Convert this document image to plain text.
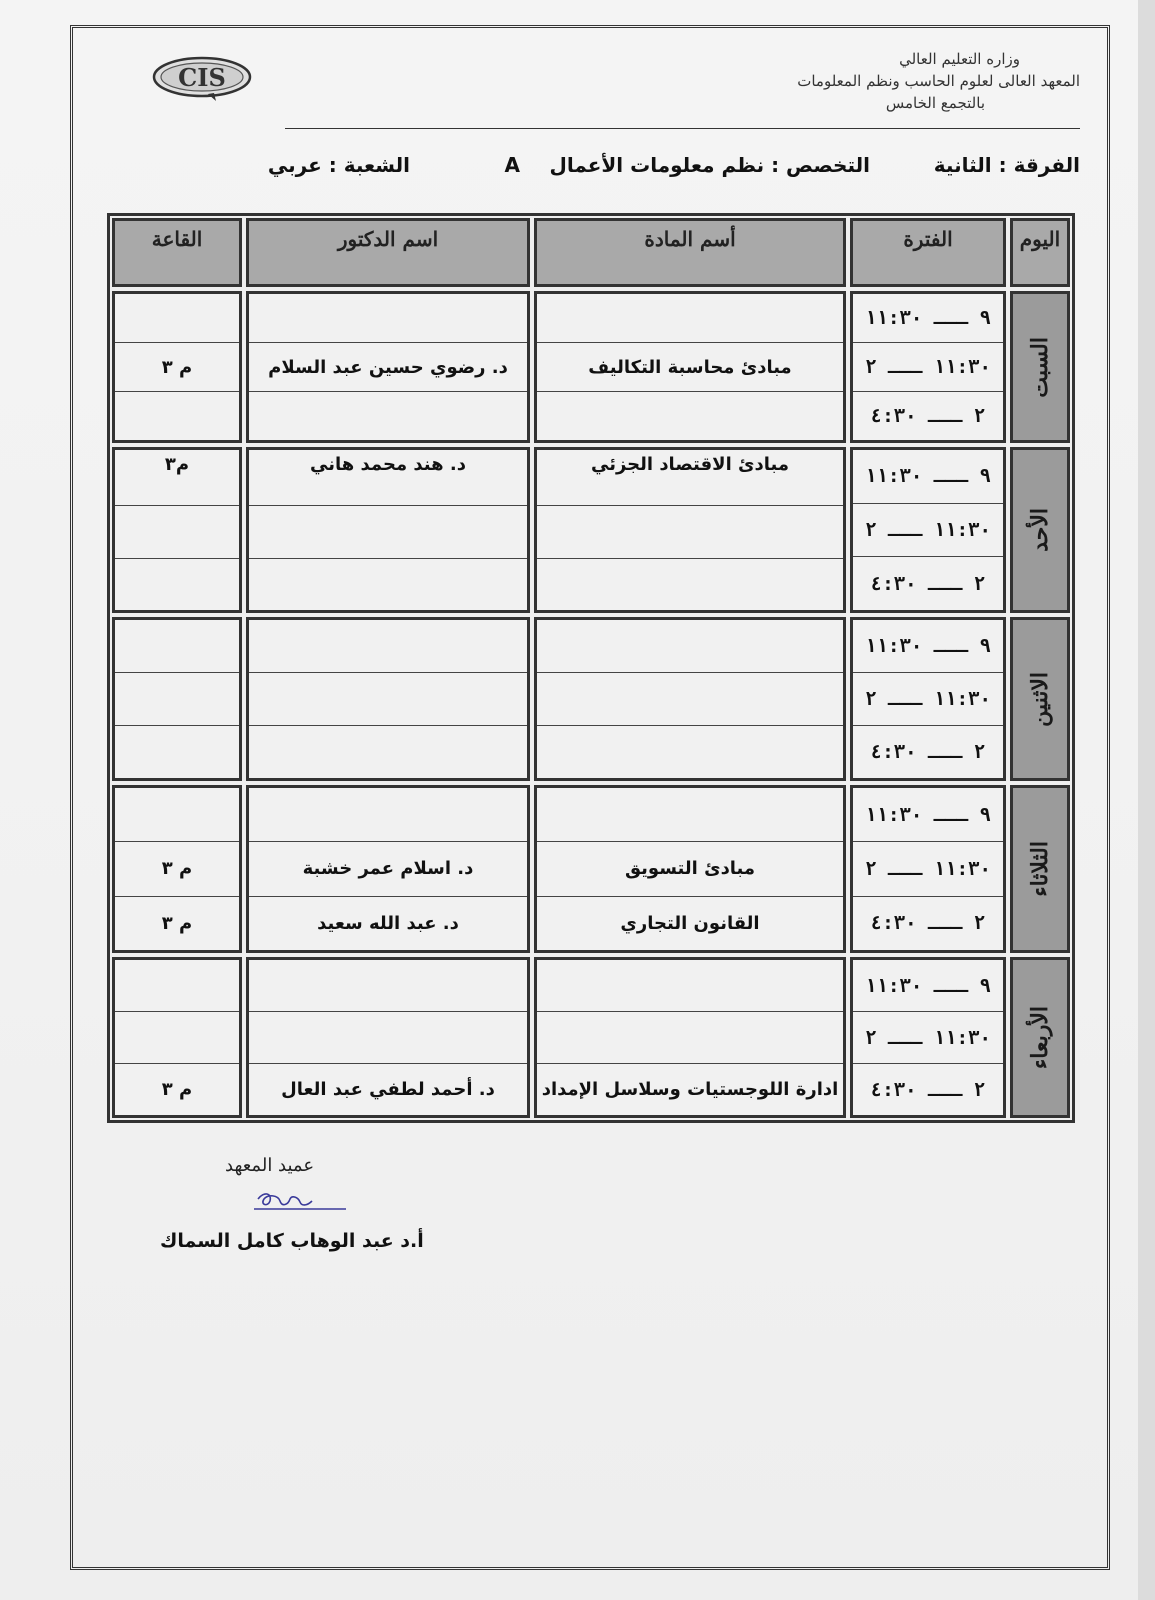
CIS
وزاره التعليم العالي
المعهد العالى لعلوم الحاسب ونظم المعلومات
بالتجمع الخامس
الفرقة : الثانية
التخصص : نظم معلومات الأعمال
A
الشعبة : عربي
اليوم
الفترة
أسم المادة
اسم الدكتور
القاعة
السبت
٩ ـــ ١١:٣٠
١١:٣٠ ـــ ٢
٢ ـــ ٤:٣٠
مبادئ محاسبة التكاليف
د. رضوي حسين عبد السلام
م ٣
الأحد
٩ ـــ ١١:٣٠
١١:٣٠ ـــ ٢
٢ ـــ ٤:٣٠
مبادئ الاقتصاد الجزئي
د. هند محمد هاني
م٣
الاثنين
٩ ـــ ١١:٣٠
١١:٣٠ ـــ ٢
٢ ـــ ٤:٣٠
الثلاثاء
٩ ـــ ١١:٣٠
١١:٣٠ ـــ ٢
٢ ـــ ٤:٣٠
مبادئ التسويق
القانون التجاري
د. اسلام عمر خشبة
د. عبد الله سعيد
م ٣
م ٣
الأربعاء
٩ ـــ ١١:٣٠
١١:٣٠ ـــ ٢
٢ ـــ ٤:٣٠
ادارة اللوجستيات وسلاسل الإمداد
د. أحمد لطفي عبد العال
م ٣
عميد المعهد
أ.د عبد الوهاب كامل السماك
